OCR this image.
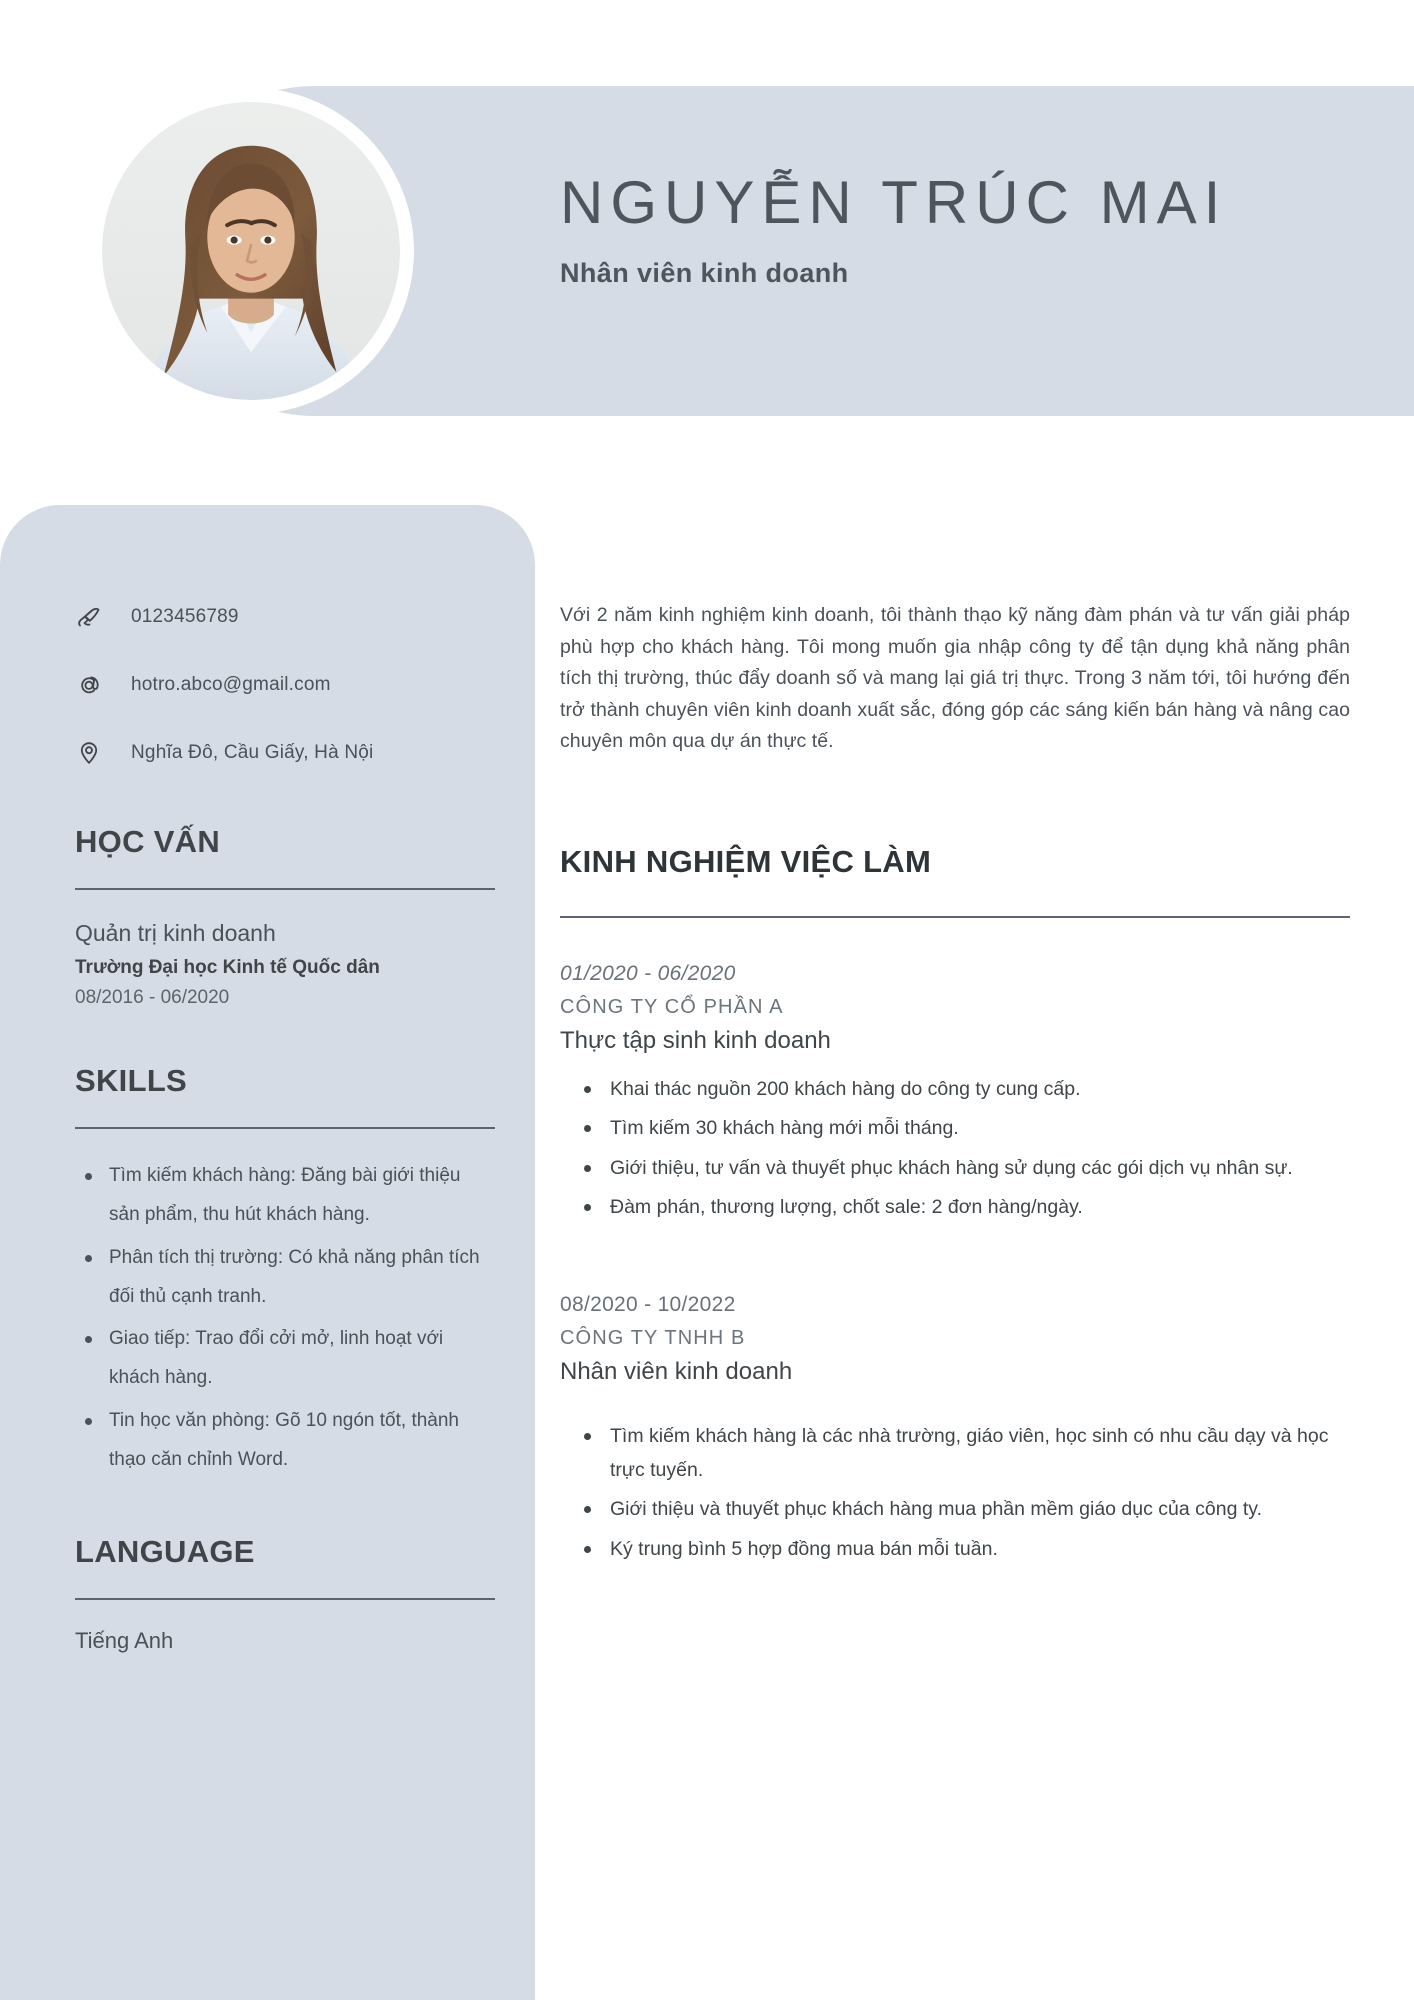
NGUYỄN TRÚC MAI
Nhân viên kinh doanh
0123456789
hotro.abco@gmail.com
Nghĩa Đô, Cầu Giấy, Hà Nội
HỌC VẤN
Quản trị kinh doanh
Trường Đại học Kinh tế Quốc dân
08/2016 - 06/2020
SKILLS
Tìm kiếm khách hàng: Đăng bài giới thiệu sản phẩm, thu hút khách hàng.
Phân tích thị trường: Có khả năng phân tích đối thủ cạnh tranh.
Giao tiếp: Trao đổi cởi mở, linh hoạt với khách hàng.
Tin học văn phòng: Gõ 10 ngón tốt, thành thạo căn chỉnh Word.
LANGUAGE
Tiếng Anh
Với 2 năm kinh nghiệm kinh doanh, tôi thành thạo kỹ năng đàm phán và tư vấn giải pháp phù hợp cho khách hàng. Tôi mong muốn gia nhập công ty để tận dụng khả năng phân tích thị trường, thúc đẩy doanh số và mang lại giá trị thực. Trong 3 năm tới, tôi hướng đến trở thành chuyên viên kinh doanh xuất sắc, đóng góp các sáng kiến bán hàng và nâng cao chuyên môn qua dự án thực tế.
KINH NGHIỆM VIỆC LÀM
01/2020 - 06/2020
CÔNG TY CỔ PHẦN A
Thực tập sinh kinh doanh
Khai thác nguồn 200 khách hàng do công ty cung cấp.
Tìm kiếm 30 khách hàng mới mỗi tháng.
Giới thiệu, tư vấn và thuyết phục khách hàng sử dụng các gói dịch vụ nhân sự.
Đàm phán, thương lượng, chốt sale: 2 đơn hàng/ngày.
08/2020 - 10/2022
CÔNG TY TNHH B
Nhân viên kinh doanh
Tìm kiếm khách hàng là các nhà trường, giáo viên, học sinh có nhu cầu dạy và học trực tuyến.
Giới thiệu và thuyết phục khách hàng mua phần mềm giáo dục của công ty.
Ký trung bình 5 hợp đồng mua bán mỗi tuần.
